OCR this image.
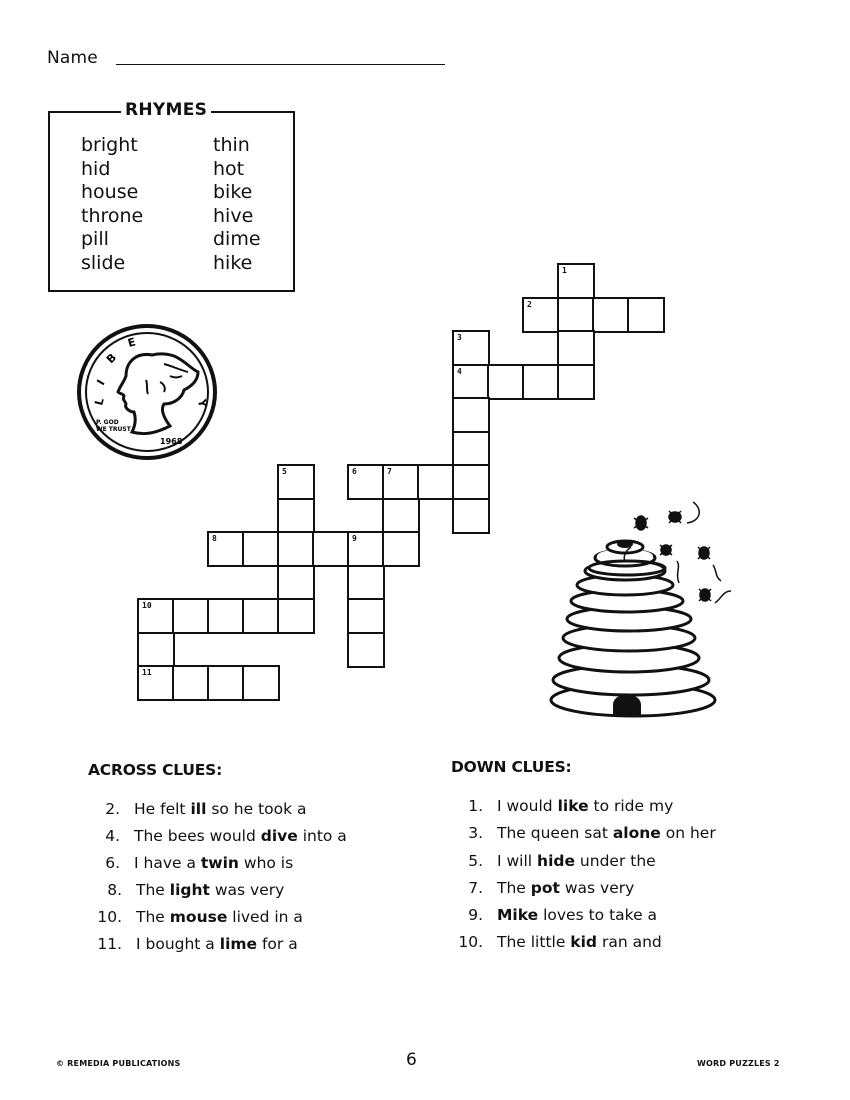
Name
RHYMES
bright
hid
house
throne
pill
slide
thin
hot
bike
hive
dime
hike
L
I
B
E
Y
P. GOD
WE TRUST
1968
1
2
3
4
5	6	7
8	9
10
11
ACROSS CLUES:
2. He felt ill so he took a
4. The bees would dive into a
6. I have a twin who is
8. The light was very
10. The mouse lived in a
11. I bought a lime for a
DOWN CLUES:
1. I would like to ride my
3. The queen sat alone on her
5. I will hide under the
7. The pot was very
9. Mike loves to take a
10. The little kid ran and
© REMEDIA PUBLICATIONS	6	WORD PUZZLES 2
